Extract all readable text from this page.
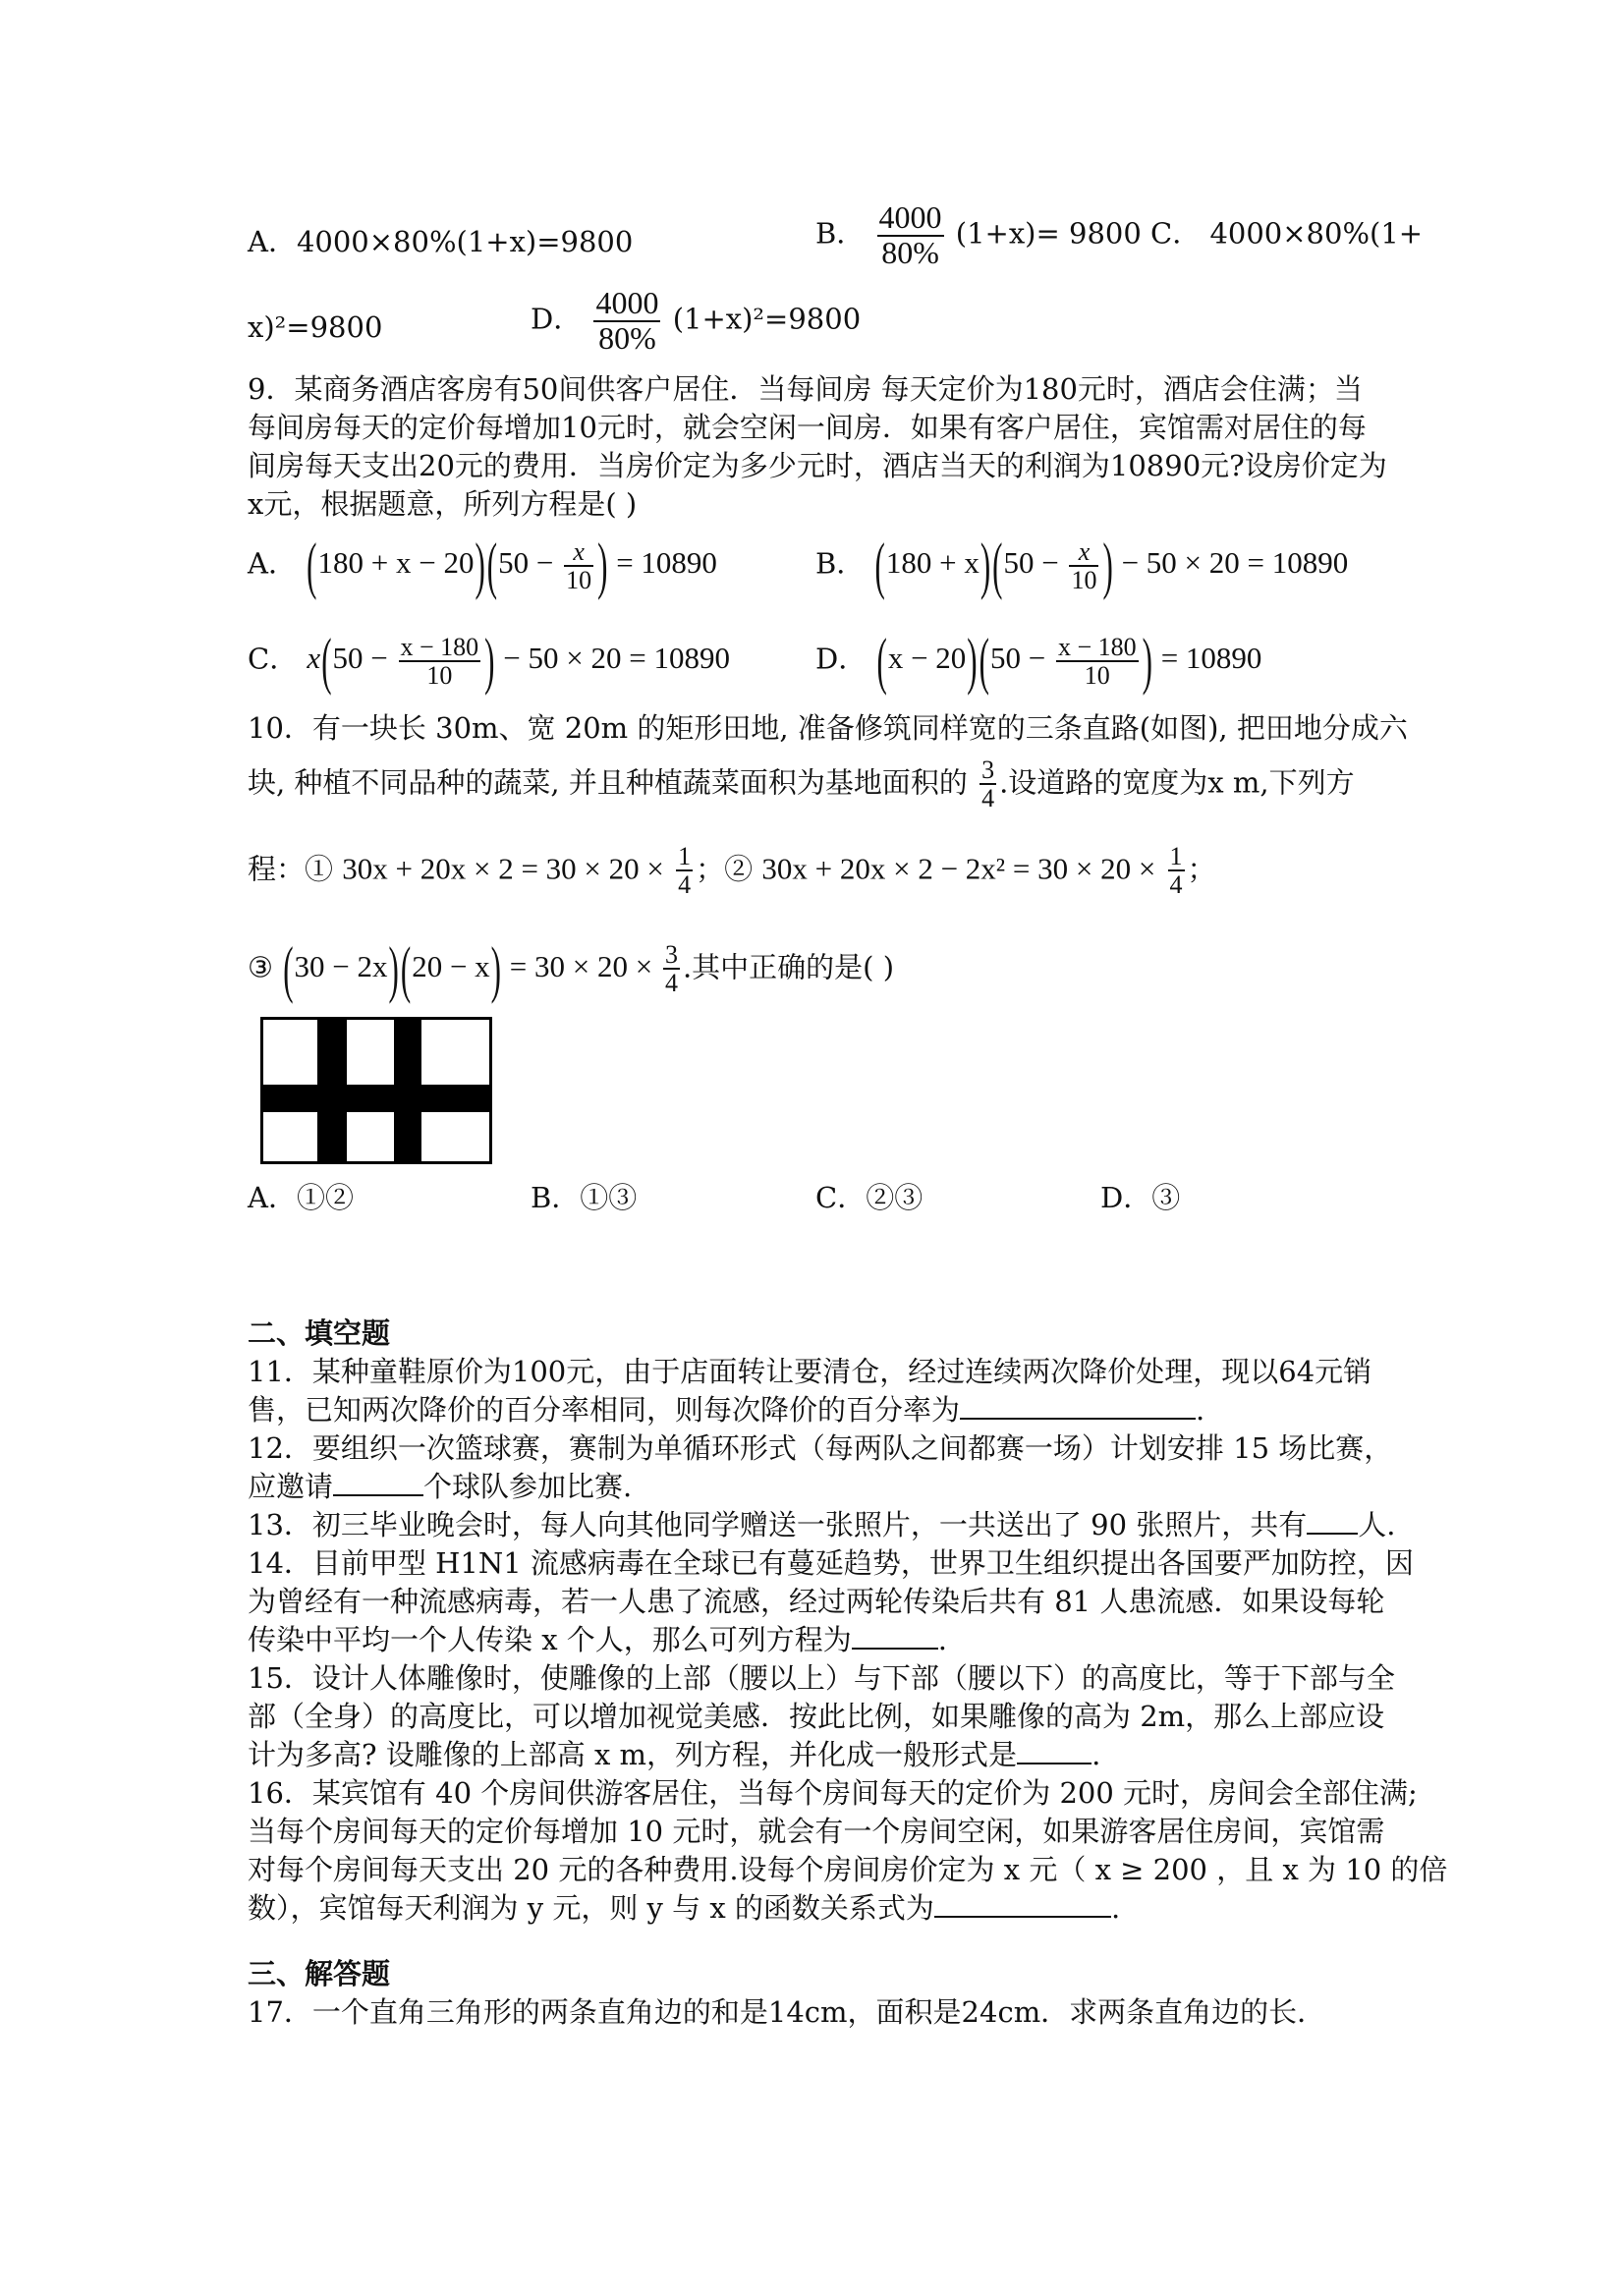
A．4000×80%(1+x)=9800	B． $\frac{4000}{80\%} (1+x)= 9800$ C． 4000×80%(1+
x)²=9800	D． $\frac{4000}{80\%} (1+x)^2=9800$
9．某商务酒店客房有50间供客户居住．当每间房 每天定价为180元时，酒店会住满；当
每间房每天的定价每增加10元时，就会空闲一间房．如果有客户居住，宾馆需对居住的每
间房每天支出20元的费用．当房价定为多少元时，酒店当天的利润为10890元?设房价定为
x元，根据题意，所列方程是( )
A． $(180 + x - 20)(50 - \frac{x}{10}$ ) = 10890	B． $(180 + x)(50 - \frac{x}{10}$ ) − 50 × 20 = 10890
C． $x(50 - \frac{x - 180}{10}$ ) − 50 × 20 = 10890	D． $(x - 20)(50 - \frac{x - 180}{10}$ ) = 10890
10．有一块长 30m、宽 20m 的矩形田地, 准备修筑同样宽的三条直路(如图), 把田地分成六
块, 种植不同品种的蔬菜, 并且种植蔬菜面积为基地面积的 $\frac{3}{4}$ .设道路的宽度为x m,下列方
程：① $30x + 20x \times 2 = 30 \times 20 \times \frac{1}{4}$ ；② $30x + 20x \times 2 - 2x^2 = 30 \times 20 \times \frac{1}{4}$ ；
③ $(30 - 2x)(20 - x) = 30 \times 20 \times \frac{3}{4}$ .其中正确的是( )
A．①②	B．①③	C．②③	D．③
二、填空题
11．某种童鞋原价为100元，由于店面转让要清仓，经过连续两次降价处理，现以64元销
售，已知两次降价的百分率相同，则每次降价的百分率为	.
12．要组织一次篮球赛，赛制为单循环形式（每两队之间都赛一场）计划安排 15 场比赛，
应邀请	个球队参加比赛.
13．初三毕业晚会时，每人向其他同学赠送一张照片，一共送出了 90 张照片，共有 人.
14．目前甲型 H1N1 流感病毒在全球已有蔓延趋势，世界卫生组织提出各国要严加防控，因
为曾经有一种流感病毒，若一人患了流感，经过两轮传染后共有 81 人患流感．如果设每轮
传染中平均一个人传染 x 个人，那么可列方程为	.
15．设计人体雕像时，使雕像的上部（腰以上）与下部（腰以下）的高度比，等于下部与全
部（全身）的高度比，可以增加视觉美感．按此比例，如果雕像的高为 2m，那么上部应设
计为多高? 设雕像的上部高 x m，列方程，并化成一般形式是	.
16．某宾馆有 40 个房间供游客居住，当每个房间每天的定价为 200 元时，房间会全部住满;
当每个房间每天的定价每增加 10 元时，就会有一个房间空闲，如果游客居住房间，宾馆需
对每个房间每天支出 20 元的各种费用.设每个房间房价定为 x 元（ x ≥ 200 ，且 x 为 10 的倍
数），宾馆每天利润为 y 元，则 y 与 x 的函数关系式为	.
三、解答题
17．一个直角三角形的两条直角边的和是14cm，面积是24cm．求两条直角边的长．
